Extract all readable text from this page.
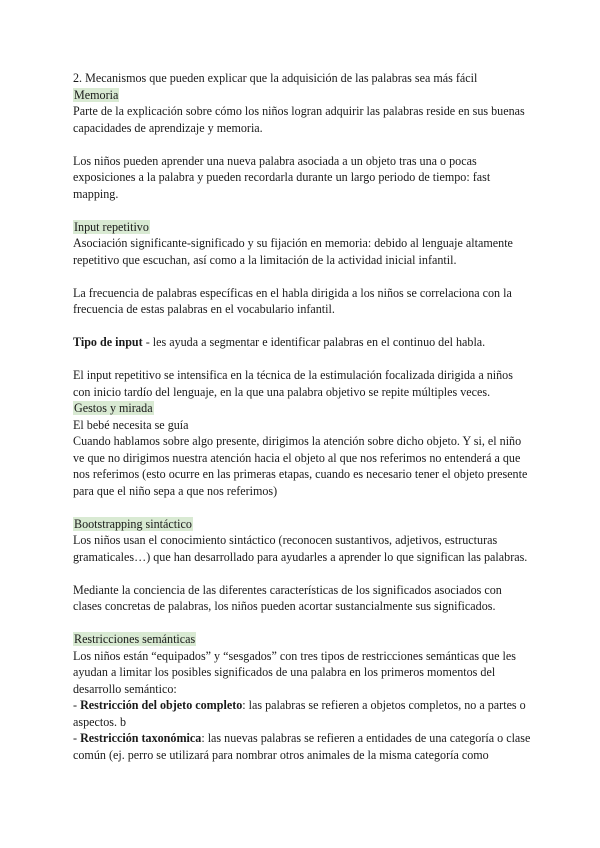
2. Mecanismos que pueden explicar que la adquisición de las palabras sea más fácil

Memoria

Parte de la explicación sobre cómo los niños logran adquirir las palabras reside en sus buenas capacidades de aprendizaje y memoria.

Los niños pueden aprender una nueva palabra asociada a un objeto tras una o pocas exposiciones a la palabra y pueden recordarla durante un largo periodo de tiempo: fast mapping.

Input repetitivo

Asociación significante-significado y su fijación en memoria: debido al lenguaje altamente repetitivo que escuchan, así como a la limitación de la actividad inicial infantil.

La frecuencia de palabras específicas en el habla dirigida a los niños se correlaciona con la frecuencia de estas palabras en el vocabulario infantil.

Tipo de input - les ayuda a segmentar e identificar palabras en el continuo del habla.

El input repetitivo se intensifica en la técnica de la estimulación focalizada dirigida a niños con inicio tardío del lenguaje, en la que una palabra objetivo se repite múltiples veces.

Gestos y mirada

El bebé necesita se guía

Cuando hablamos sobre algo presente, dirigimos la atención sobre dicho objeto. Y si, el niño ve que no dirigimos nuestra atención hacia el objeto al que nos referimos no entenderá a que nos referimos (esto ocurre en las primeras etapas, cuando es necesario tener el objeto presente para que el niño sepa a que nos referimos)

Bootstrapping sintáctico

Los niños usan el conocimiento sintáctico (reconocen sustantivos, adjetivos, estructuras gramaticales…) que han desarrollado para ayudarles a aprender lo que significan las palabras.

Mediante la conciencia de las diferentes características de los significados asociados con clases concretas de palabras, los niños pueden acortar sustancialmente sus significados.

Restricciones semánticas

Los niños están “equipados” y “sesgados” con tres tipos de restricciones semánticas que les ayudan a limitar los posibles significados de una palabra en los primeros momentos del desarrollo semántico:

- Restricción del objeto completo: las palabras se refieren a objetos completos, no a partes o aspectos. b

- Restricción taxonómica: las nuevas palabras se refieren a entidades de una categoría o clase común (ej. perro se utilizará para nombrar otros animales de la misma categoría como
